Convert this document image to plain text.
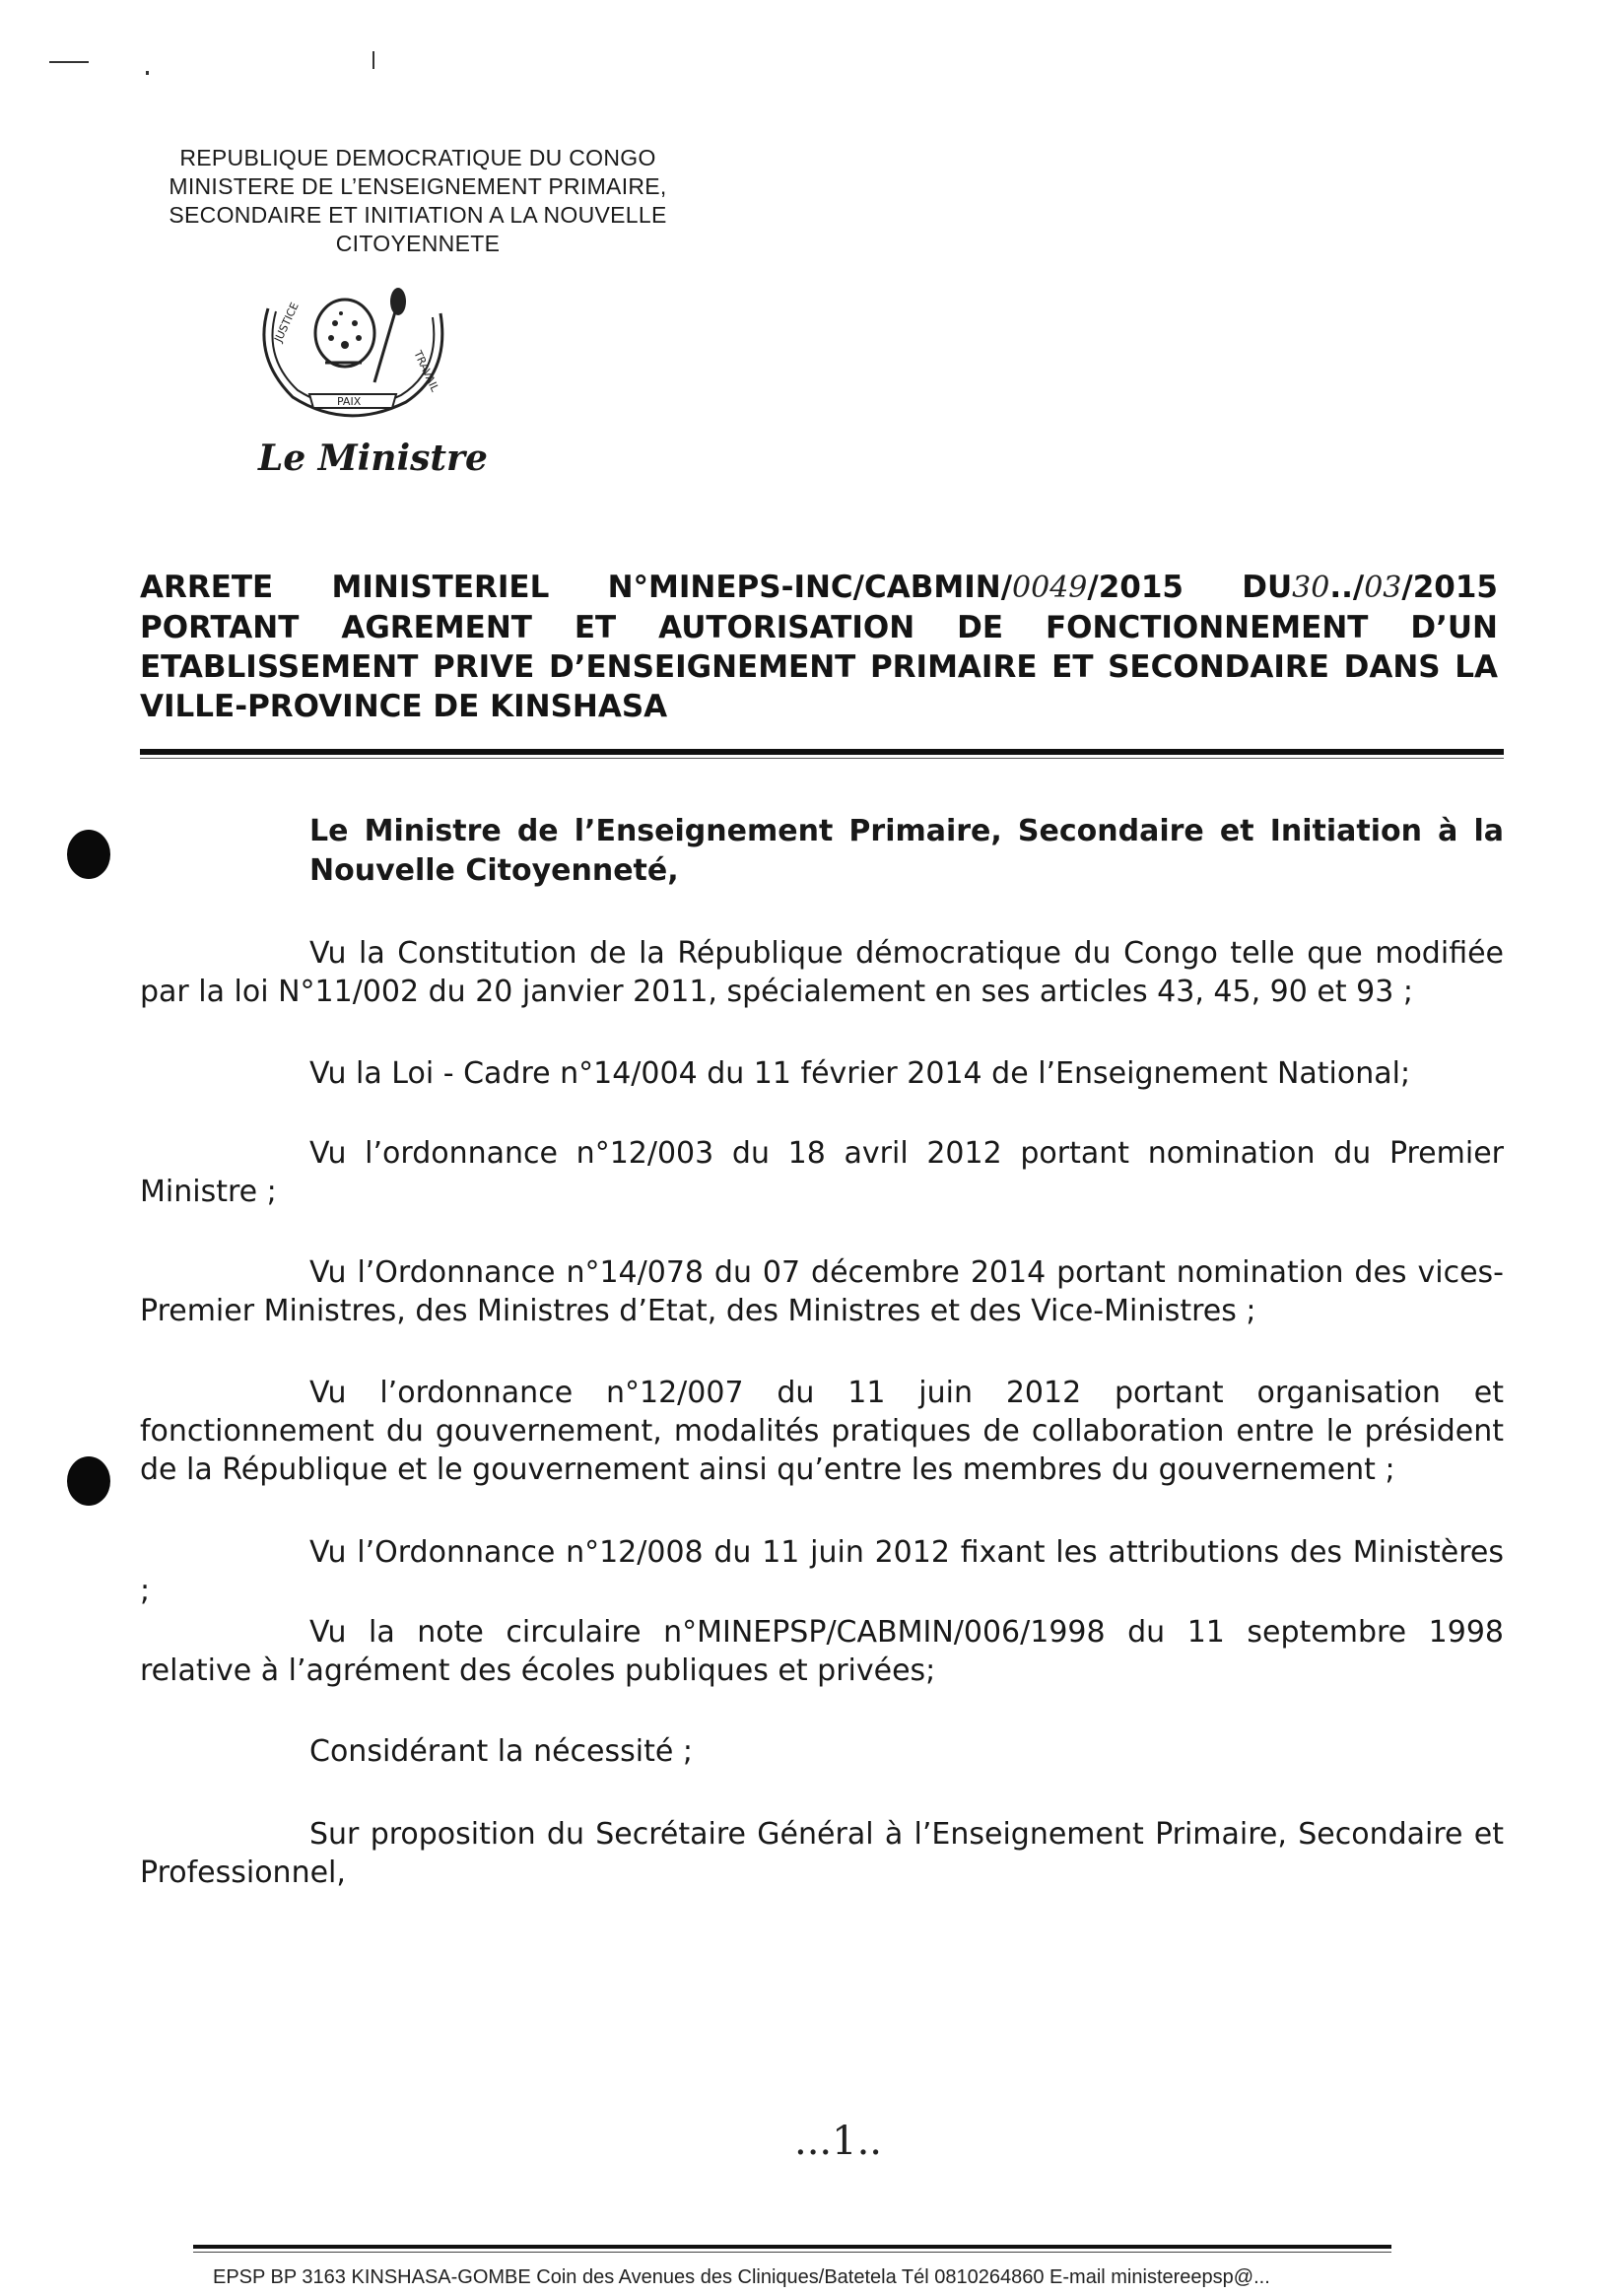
REPUBLIQUE DEMOCRATIQUE DU CONGO
MINISTERE DE L’ENSEIGNEMENT PRIMAIRE,
SECONDAIRE ET INITIATION A LA NOUVELLE
CITOYENNETE
JUSTICE
PAIX
TRAVAIL
Le Ministre
ARRETE MINISTERIEL N°MINEPS-INC/CABMIN/0049/2015 DU30../03/2015
PORTANT AGREMENT ET AUTORISATION DE FONCTIONNEMENT D’UN
ETABLISSEMENT PRIVE D’ENSEIGNEMENT PRIMAIRE ET SECONDAIRE DANS LA
VILLE-PROVINCE DE KINSHASA
Le Ministre de l’Enseignement Primaire, Secondaire et Initiation à la Nouvelle Citoyenneté,
Vu la Constitution de la République démocratique du Congo telle que modifiée par la loi N°11/002 du 20 janvier 2011, spécialement en ses articles 43, 45, 90 et 93 ;
Vu la Loi - Cadre n°14/004 du 11 février 2014 de l’Enseignement National;
Vu l’ordonnance n°12/003 du 18 avril 2012 portant nomination du Premier Ministre ;
Vu l’Ordonnance n°14/078 du 07 décembre 2014 portant nomination des vices-Premier Ministres, des Ministres d’Etat, des Ministres et des Vice-Ministres ;
Vu l’ordonnance n°12/007 du 11 juin 2012 portant organisation et fonctionnement du gouvernement, modalités pratiques de collaboration entre le président de la République et le gouvernement ainsi qu’entre les membres du gouvernement ;
Vu l’Ordonnance n°12/008 du 11 juin 2012 fixant les attributions des Ministères ;
Vu la note circulaire n°MINEPSP/CABMIN/006/1998 du 11 septembre 1998 relative à l’agrément des écoles publiques et privées;
Considérant la nécessité ;
Sur proposition du Secrétaire Général à l’Enseignement Primaire, Secondaire et Professionnel,
...1..
EPSP BP 3163 KINSHASA-GOMBE Coin des Avenues des Cliniques/Batetela Tél 0810264860 E-mail ministereepsp@...
